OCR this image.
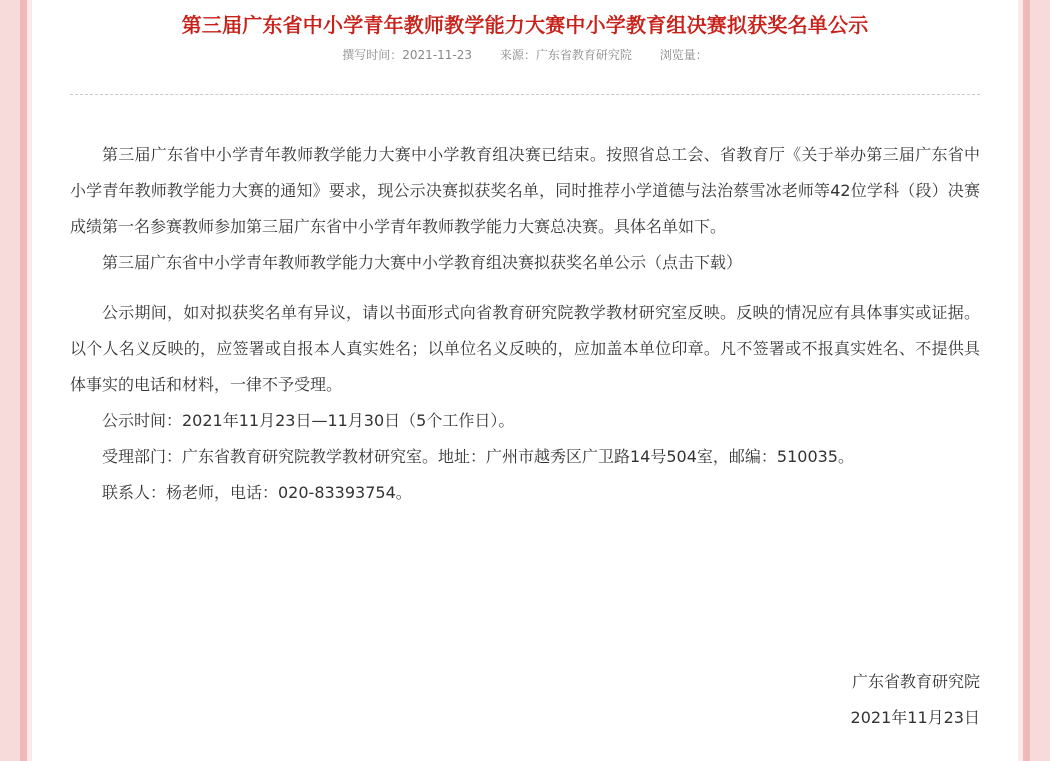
第三届广东省中小学青年教师教学能力大赛中小学教育组决赛拟获奖名单公示
撰写时间：2021-11-23 来源：广东省教育研究院 浏览量：

第三届广东省中小学青年教师教学能力大赛中小学教育组决赛已结束。按照省总工会、省教育厅《关于举办第三届广东省中小学青年教师教学能力大赛的通知》要求，现公示决赛拟获奖名单，同时推荐小学道德与法治蔡雪冰老师等42位学科（段）决赛成绩第一名参赛教师参加第三届广东省中小学青年教师教学能力大赛总决赛。具体名单如下。

第三届广东省中小学青年教师教学能力大赛中小学教育组决赛拟获奖名单公示（点击下载）

公示期间，如对拟获奖名单有异议，请以书面形式向省教育研究院教学教材研究室反映。反映的情况应有具体事实或证据。以个人名义反映的，应签署或自报本人真实姓名；以单位名义反映的，应加盖本单位印章。凡不签署或不报真实姓名、不提供具体事实的电话和材料，一律不予受理。

公示时间：2021年11月23日—11月30日（5个工作日）。

受理部门：广东省教育研究院教学教材研究室。地址：广州市越秀区广卫路14号504室，邮编：510035。

联系人：杨老师，电话：020-83393754。

广东省教育研究院
2021年11月23日
